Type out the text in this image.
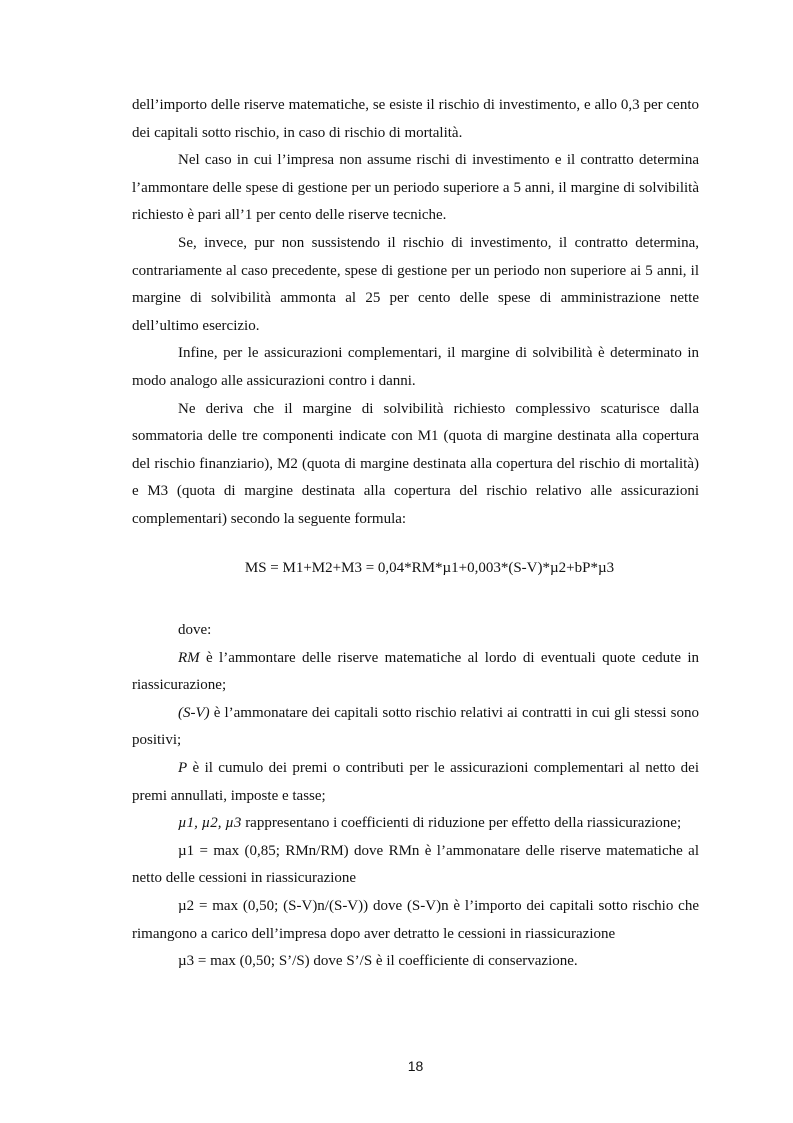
dell’importo delle riserve matematiche, se esiste il rischio di investimento, e allo 0,3 per cento dei capitali sotto rischio, in caso di rischio di mortalità.

Nel caso in cui l’impresa non assume rischi di investimento e il contratto determina l’ammontare delle spese di gestione per un periodo superiore a 5 anni, il margine di solvibilità richiesto è pari all’1 per cento delle riserve tecniche.

Se, invece, pur non sussistendo il rischio di investimento, il contratto determina, contrariamente al caso precedente, spese di gestione per un periodo non superiore ai 5 anni, il margine di solvibilità ammonta al 25 per cento delle spese di amministrazione nette dell’ultimo esercizio.

Infine, per le assicurazioni complementari, il margine di solvibilità è determinato in modo analogo alle assicurazioni contro i danni.

Ne deriva che il margine di solvibilità richiesto complessivo scaturisce dalla sommatoria delle tre componenti indicate con M1 (quota di margine destinata alla copertura del rischio finanziario), M2 (quota di margine destinata alla copertura del rischio di mortalità) e M3 (quota di margine destinata alla copertura del rischio relativo alle assicurazioni complementari) secondo la seguente formula:

MS = M1+M2+M3 = 0,04*RM*µ1+0,003*(S-V)*µ2+bP*µ3

dove:

RM è l’ammontare delle riserve matematiche al lordo di eventuali quote cedute in riassicurazione;

(S-V) è l’ammonatare dei capitali sotto rischio relativi ai contratti in cui gli stessi sono positivi;

P è il cumulo dei premi o contributi per le assicurazioni complementari al netto dei premi annullati, imposte e tasse;

µ1, µ2, µ3 rappresentano i coefficienti di riduzione per effetto della riassicurazione;

µ1 = max (0,85; RMn/RM) dove RMn è l’ammonatare delle riserve matematiche al netto delle cessioni in riassicurazione

µ2 = max (0,50; (S-V)n/(S-V)) dove (S-V)n è l’importo dei capitali sotto rischio che rimangono a carico dell’impresa dopo aver detratto le cessioni in riassicurazione

µ3 = max (0,50; S’/S) dove S’/S è il coefficiente di conservazione.

18
